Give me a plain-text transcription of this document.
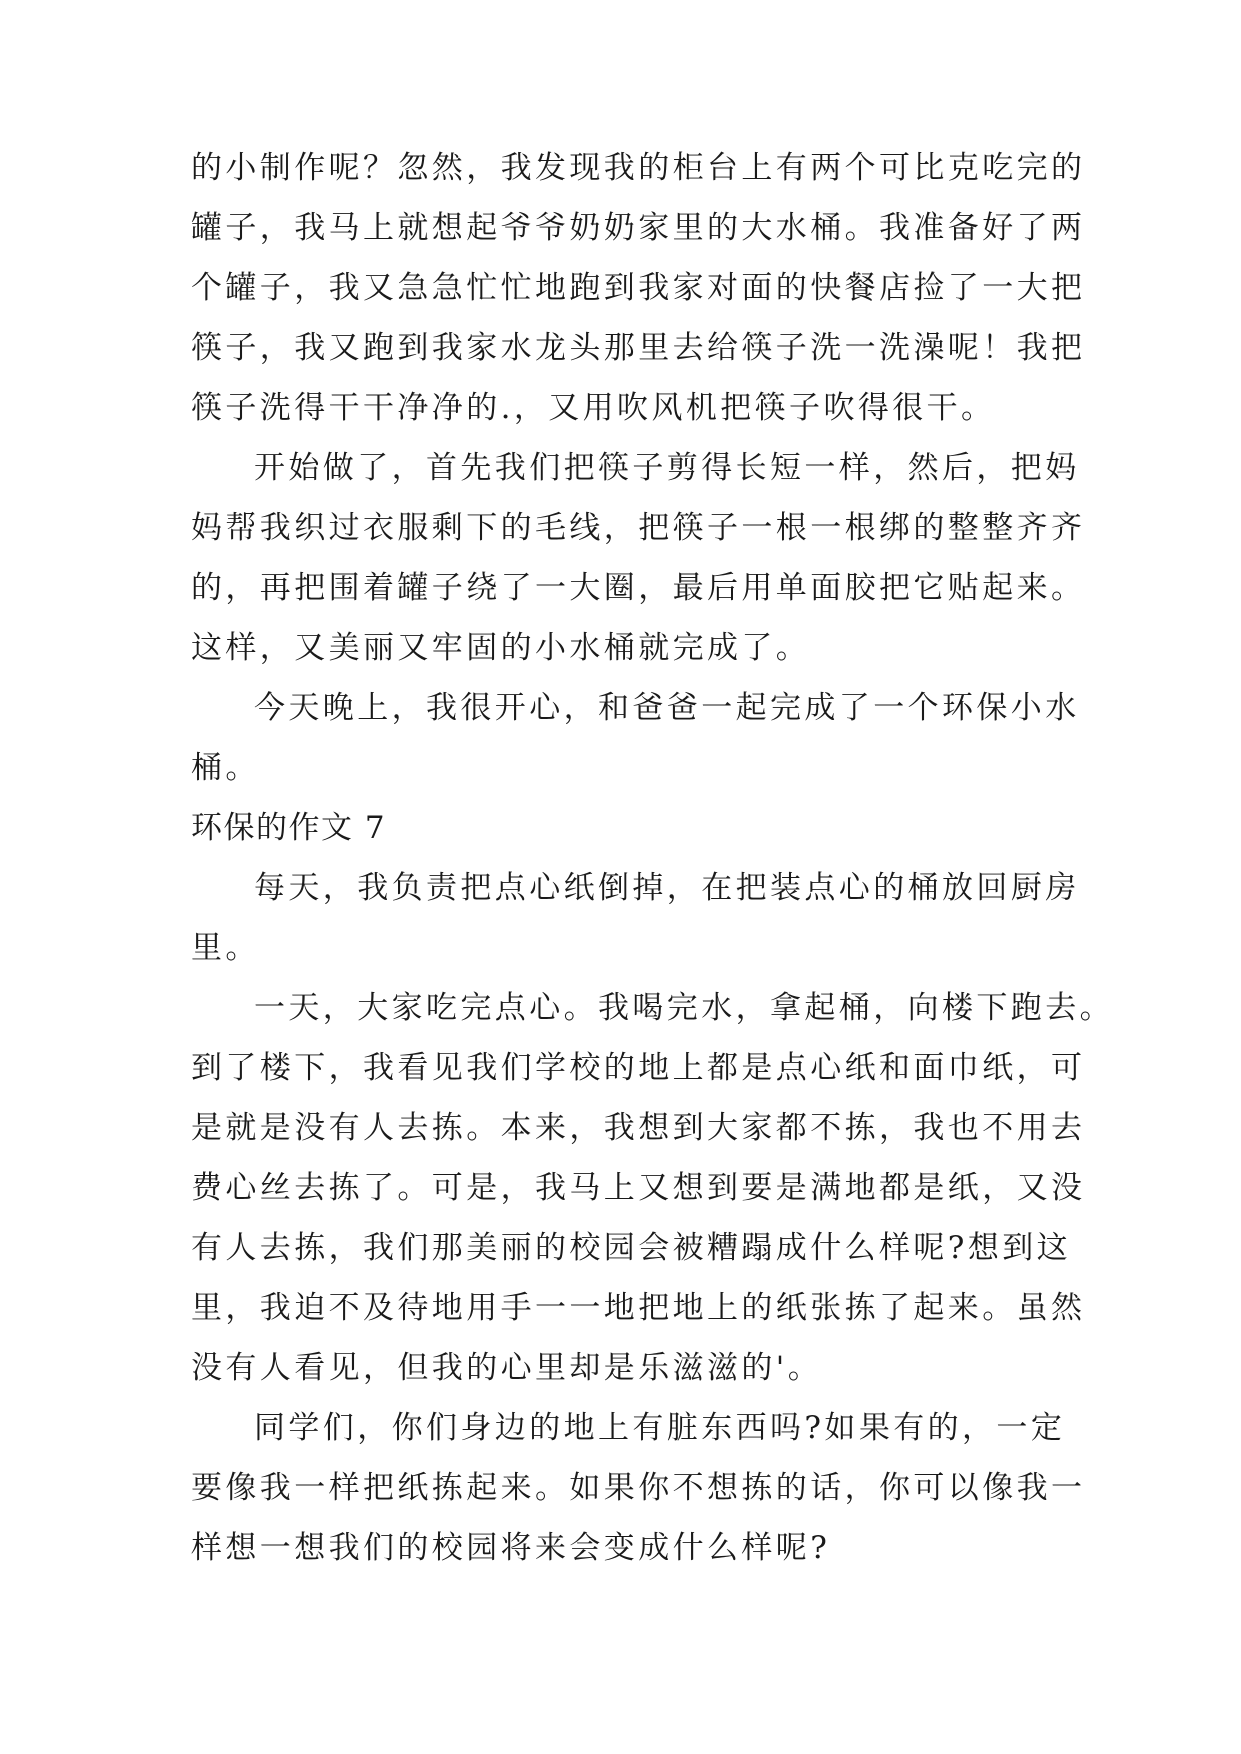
的小制作呢？忽然，我发现我的柜台上有两个可比克吃完的
罐子，我马上就想起爷爷奶奶家里的大水桶。我准备好了两
个罐子，我又急急忙忙地跑到我家对面的快餐店捡了一大把
筷子，我又跑到我家水龙头那里去给筷子洗一洗澡呢！我把
筷子洗得干干净净的.，又用吹风机把筷子吹得很干。
开始做了，首先我们把筷子剪得长短一样，然后，把妈
妈帮我织过衣服剩下的毛线，把筷子一根一根绑的整整齐齐
的，再把围着罐子绕了一大圈，最后用单面胶把它贴起来。
这样，又美丽又牢固的小水桶就完成了。
今天晚上，我很开心，和爸爸一起完成了一个环保小水
桶。
环保的作文 7
每天，我负责把点心纸倒掉，在把装点心的桶放回厨房
里。
一天，大家吃完点心。我喝完水，拿起桶，向楼下跑去。
到了楼下，我看见我们学校的地上都是点心纸和面巾纸，可
是就是没有人去拣。本来，我想到大家都不拣，我也不用去
费心丝去拣了。可是，我马上又想到要是满地都是纸，又没
有人去拣，我们那美丽的校园会被糟蹋成什么样呢?想到这
里，我迫不及待地用手一一地把地上的纸张拣了起来。虽然
没有人看见，但我的心里却是乐滋滋的'。
同学们，你们身边的地上有脏东西吗?如果有的，一定
要像我一样把纸拣起来。如果你不想拣的话，你可以像我一
样想一想我们的校园将来会变成什么样呢?
